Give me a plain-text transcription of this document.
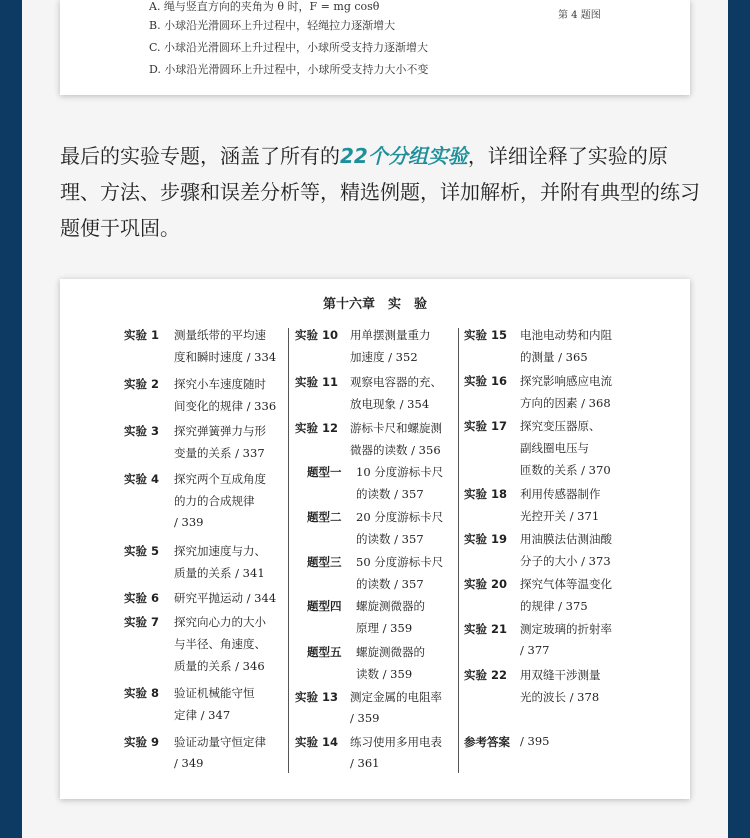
A. 绳与竖直方向的夹角为 θ 时，F = mg cosθ
B. 小球沿光滑圆环上升过程中，轻绳拉力逐渐增大
C. 小球沿光滑圆环上升过程中，小球所受支持力逐渐增大
D. 小球沿光滑圆环上升过程中，小球所受支持力大小不变
第 4 题图

最后的实验专题，涵盖了所有的22个分组实验，详细诠释了实验的原理、方法、步骤和误差分析等，精选例题，详加解析，并附有典型的练习题便于巩固。

第十六章　实　验
实验 1 测量纸带的平均速
度和瞬时速度 / 334
实验 2 探究小车速度随时
间变化的规律 / 336
实验 3 探究弹簧弹力与形
变量的关系 / 337
实验 4 探究两个互成角度
的力的合成规律
/ 339
实验 5 探究加速度与力、
质量的关系 / 341
实验 6 研究平抛运动 / 344
实验 7 探究向心力的大小
与半径、角速度、
质量的关系 / 346
实验 8 验证机械能守恒
定律 / 347
实验 9 验证动量守恒定律
/ 349
实验 10 用单摆测量重力
加速度 / 352
实验 11 观察电容器的充、
放电现象 / 354
实验 12 游标卡尺和螺旋测
微器的读数 / 356
题型一 10 分度游标卡尺
的读数 / 357
题型二 20 分度游标卡尺
的读数 / 357
题型三 50 分度游标卡尺
的读数 / 357
题型四 螺旋测微器的
原理 / 359
题型五 螺旋测微器的
读数 / 359
实验 13 测定金属的电阻率
/ 359
实验 14 练习使用多用电表
/ 361
实验 15 电池电动势和内阻
的测量 / 365
实验 16 探究影响感应电流
方向的因素 / 368
实验 17 探究变压器原、
副线圈电压与
匝数的关系 / 370
实验 18 利用传感器制作
光控开关 / 371
实验 19 用油膜法估测油酸
分子的大小 / 373
实验 20 探究气体等温变化
的规律 / 375
实验 21 测定玻璃的折射率
/ 377
实验 22 用双缝干涉测量
光的波长 / 378
参考答案 / 395
